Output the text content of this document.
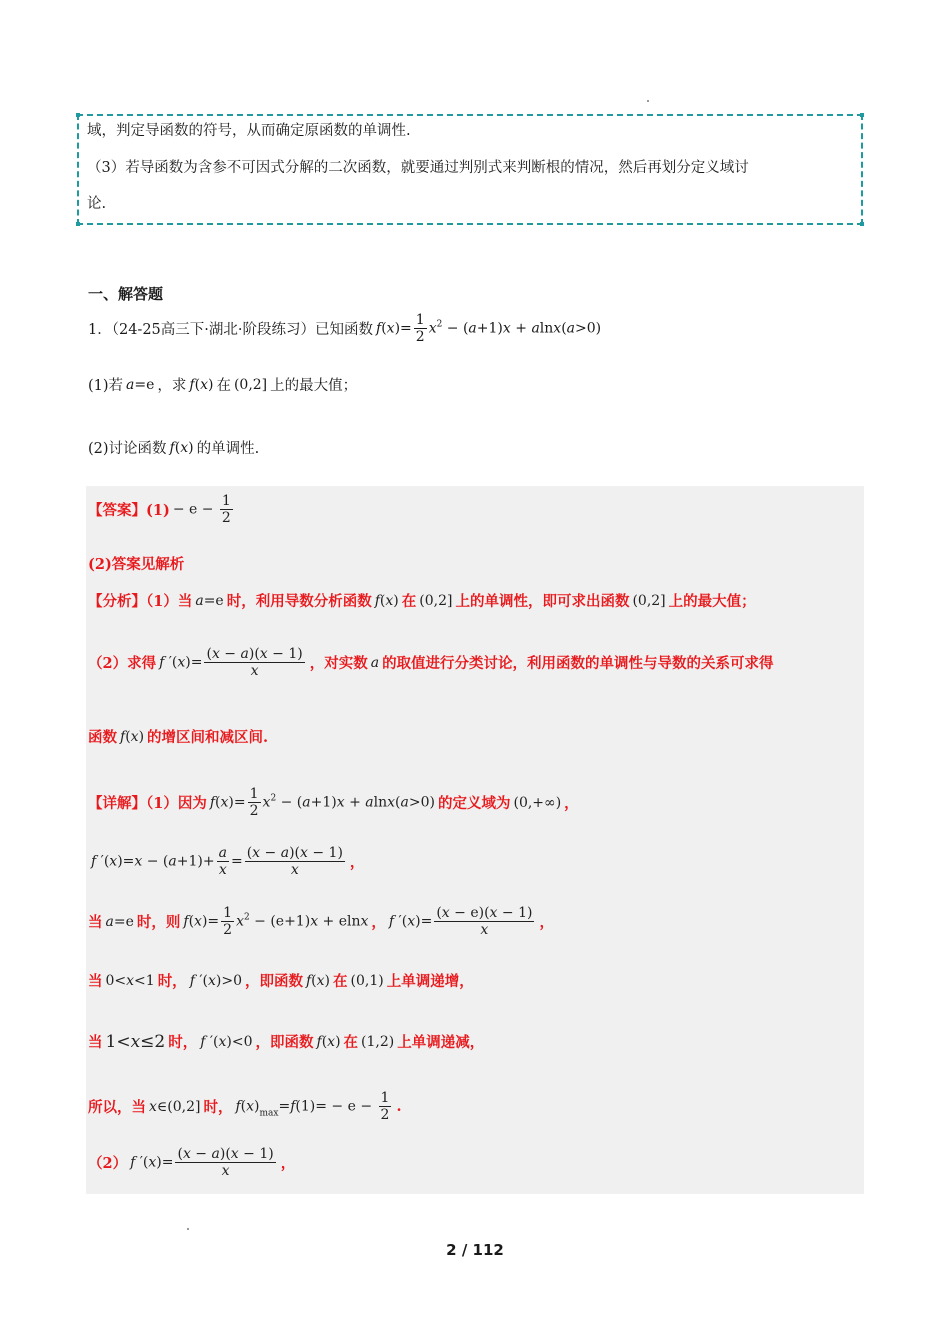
域，判定导函数的符号，从而确定原函数的单调性.
（3）若导函数为含参不可因式分解的二次函数，就要通过判别式来判断根的情况，然后再划分定义域讨
论.
一、解答题
1．（24-25高三下·湖北·阶段练习）已知函数 $f(x)= \frac{1}{2} x^2 - (a+1)x + alnx(a>0)$
(1)若 a=e ，求 f(x) 在 (0,2] 上的最大值；
(2)讨论函数 f(x) 的单调性.
【答案】$(1) - e - \frac{1}{2}$
(2)答案见解析
【分析】（1）当 a=e 时，利用导数分析函数 f(x) 在 (0,2] 上的单调性，即可求出函数 (0,2] 上的最大值；
（2）求得 f $'(x)= \frac{(x - a)(x - 1)}{x}$ ，对实数 a 的取值进行分类讨论，利用函数的单调性与导数的关系可求得
函数 f(x) 的增区间和减区间.
【详解】（1）因为 $f(x)= \frac{1}{2} x^2 - (a+1)x + alnx(a>0)$ 的定义域为 (0,+∞) ，
f $'(x)=x - (a+1)+ \frac{a}{x} = \frac{(x - a)(x - 1)}{x}$ ，
当 a=e 时，则 $f(x)= \frac{1}{2} x^2 - (e+1)x + elnx$ ， f $'(x)= \frac{(x - e)(x - 1)}{x}$ ，
当 0<x<1 时， f ′(x)>0 ，即函数 f(x) 在 (0,1) 上单调递增，
当 1<x≤2 时， f ′(x)<0 ，即函数 f(x) 在 (1,2) 上单调递减，
所以，当 x∈(0,2] 时， $f(x)_{max}=f(1)= - e - \frac{1}{2}$ .
（2） f $'(x)= \frac{(x - a)(x - 1)}{x}$ ，
2 / 112
